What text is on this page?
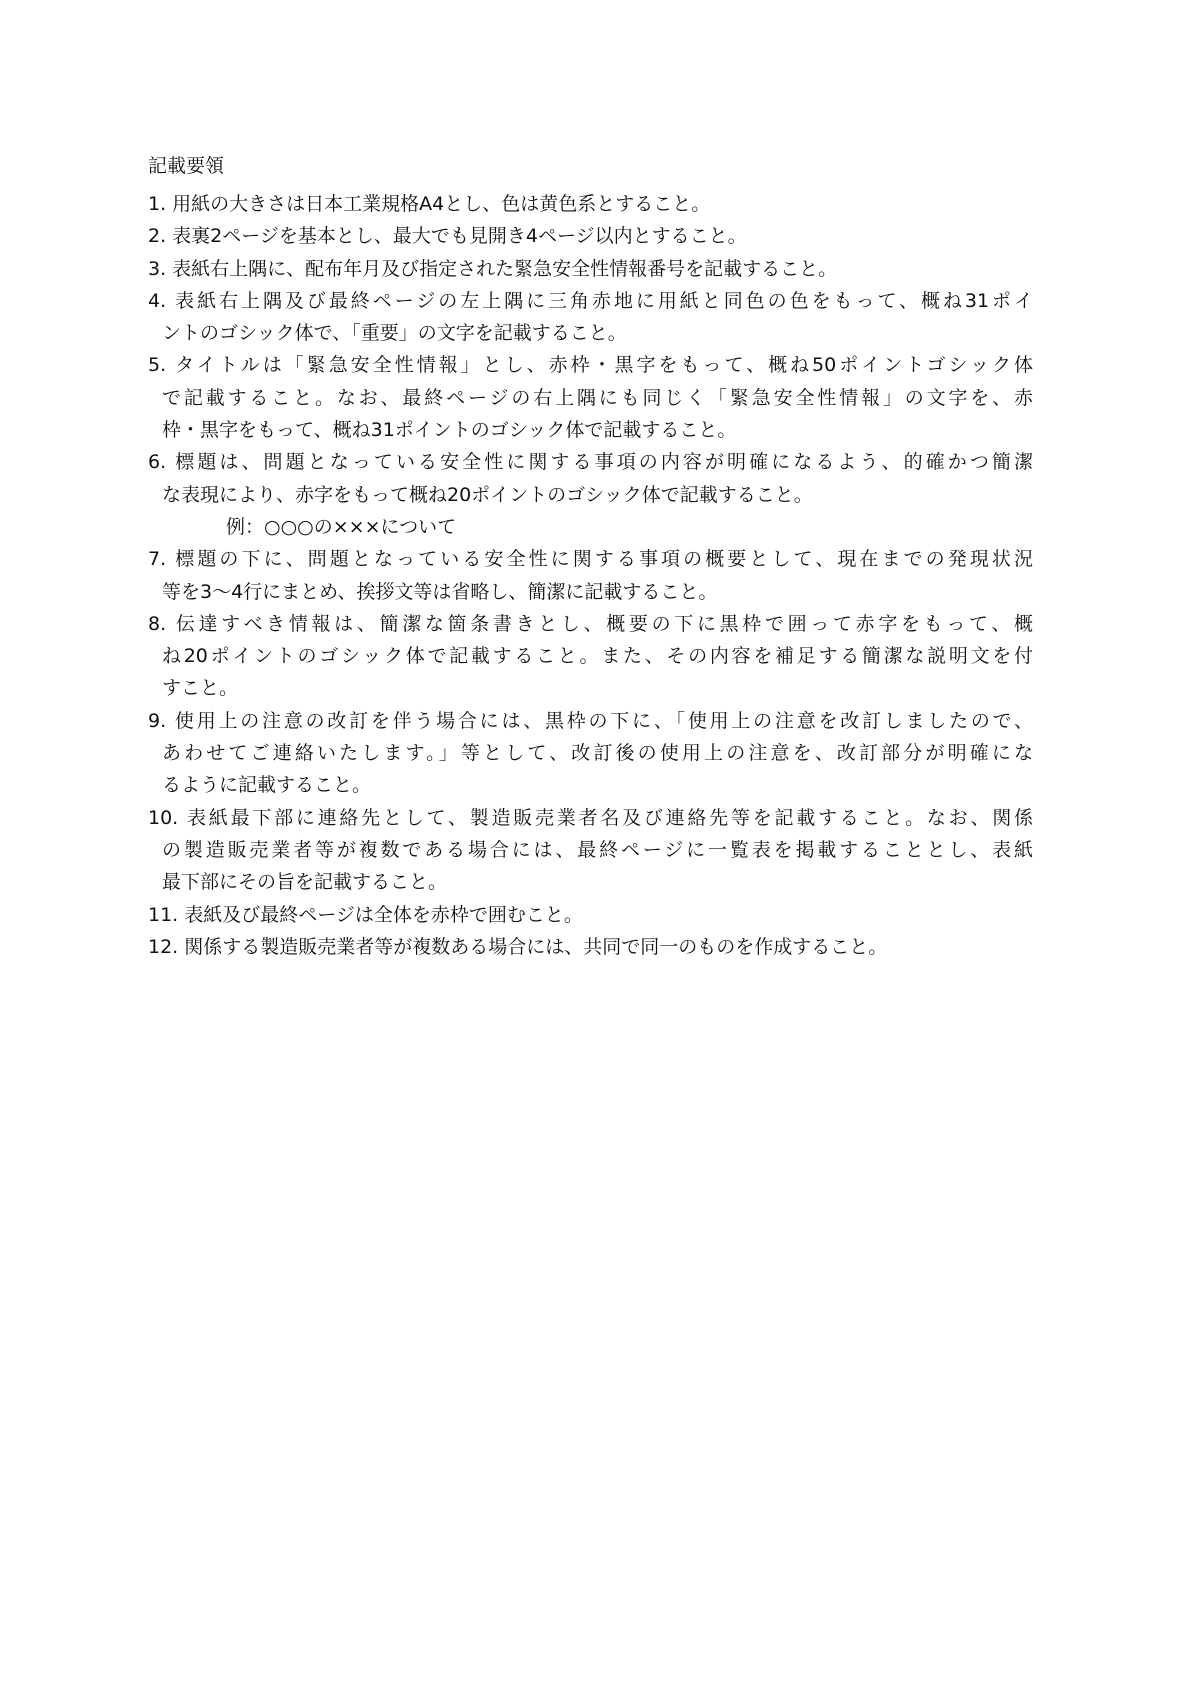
記載要領
1. 用紙の大きさは日本工業規格A4とし、色は黄色系とすること。
2. 表裏2ページを基本とし、最大でも見開き4ページ以内とすること。
3. 表紙右上隅に、配布年月及び指定された緊急安全性情報番号を記載すること。
4. 表紙右上隅及び最終ページの左上隅に三角赤地に用紙と同色の色をもって、概ね31ポイ
ントのゴシック体で、「重要」の文字を記載すること。
5. タイトルは「緊急安全性情報」とし、赤枠・黒字をもって、概ね50ポイントゴシック体
で記載すること。なお、最終ページの右上隅にも同じく「緊急安全性情報」の文字を、赤
枠・黒字をもって、概ね31ポイントのゴシック体で記載すること。
6. 標題は、問題となっている安全性に関する事項の内容が明確になるよう、的確かつ簡潔
な表現により、赤字をもって概ね20ポイントのゴシック体で記載すること。
例：○○○の×××について
7. 標題の下に、問題となっている安全性に関する事項の概要として、現在までの発現状況
等を3～4行にまとめ、挨拶文等は省略し、簡潔に記載すること。
8. 伝達すべき情報は、簡潔な箇条書きとし、概要の下に黒枠で囲って赤字をもって、概
ね20ポイントのゴシック体で記載すること。また、その内容を補足する簡潔な説明文を付
すこと。
9. 使用上の注意の改訂を伴う場合には、黒枠の下に、「使用上の注意を改訂しましたので、
あわせてご連絡いたします。」等として、改訂後の使用上の注意を、改訂部分が明確にな
るように記載すること。
10. 表紙最下部に連絡先として、製造販売業者名及び連絡先等を記載すること。なお、関係
の製造販売業者等が複数である場合には、最終ページに一覧表を掲載することとし、表紙
最下部にその旨を記載すること。
11. 表紙及び最終ページは全体を赤枠で囲むこと。
12. 関係する製造販売業者等が複数ある場合には、共同で同一のものを作成すること。
